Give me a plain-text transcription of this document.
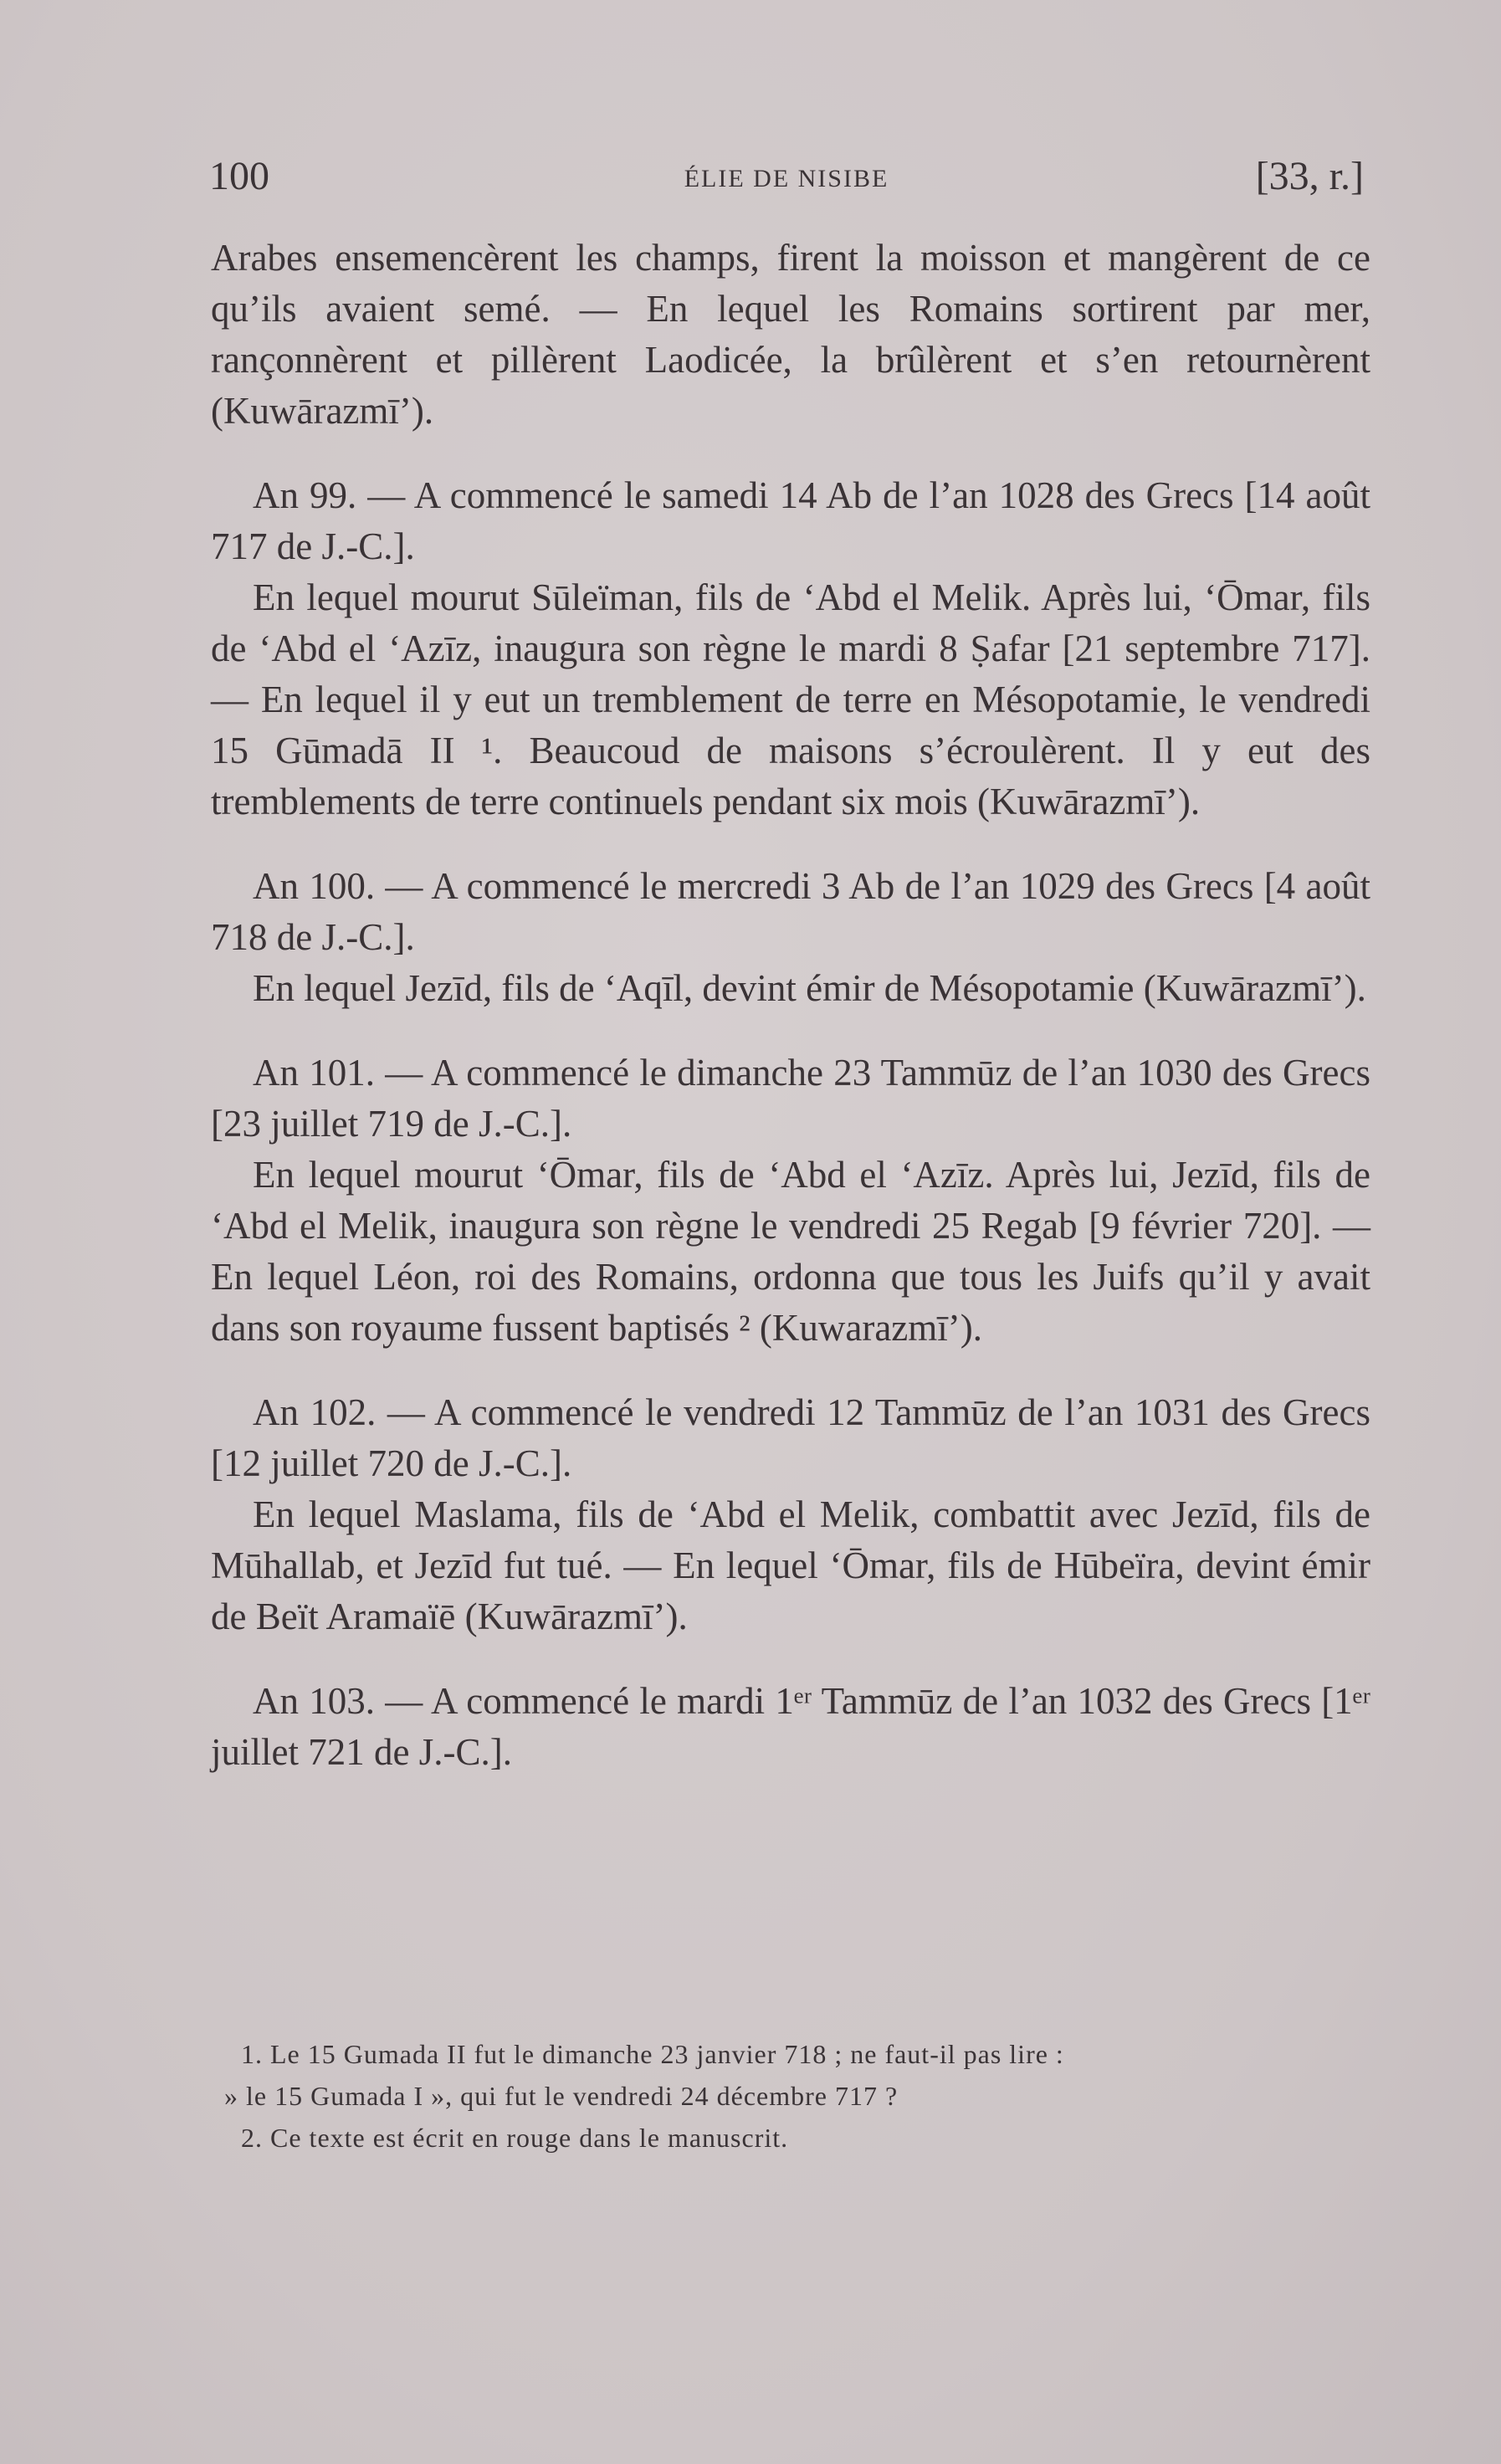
100	ÉLIE DE NISIBE	[33, r.]

Arabes ensemencèrent les champs, firent la moisson et mangèrent de ce qu’ils avaient semé. — En lequel les Romains sortirent par mer, rançonnèrent et pillèrent Laodicée, la brûlèrent et s’en retournèrent (Kuwārazmī’).

An 99. — A commencé le samedi 14 Ab de l’an 1028 des Grecs [14 août 717 de J.-C.].

En lequel mourut Sūleïman, fils de ‘Abd el Melik. Après lui, ‘Ōmar, fils de ‘Abd el ‘Azīz, inaugura son règne le mardi 8 Ṣafar [21 septembre 717]. — En lequel il y eut un tremblement de terre en Mésopotamie, le vendredi 15 Gūmadā II ¹. Beaucoud de maisons s’écroulèrent. Il y eut des tremblements de terre continuels pendant six mois (Kuwārazmī’).

An 100. — A commencé le mercredi 3 Ab de l’an 1029 des Grecs [4 août 718 de J.-C.].

En lequel Jezīd, fils de ‘Aqīl, devint émir de Mésopotamie (Kuwārazmī’).

An 101. — A commencé le dimanche 23 Tammūz de l’an 1030 des Grecs [23 juillet 719 de J.-C.].

En lequel mourut ‘Ōmar, fils de ‘Abd el ‘Azīz. Après lui, Jezīd, fils de ‘Abd el Melik, inaugura son règne le vendredi 25 Regab [9 février 720]. — En lequel Léon, roi des Romains, ordonna que tous les Juifs qu’il y avait dans son royaume fussent baptisés ² (Kuwarazmī’).

An 102. — A commencé le vendredi 12 Tammūz de l’an 1031 des Grecs [12 juillet 720 de J.-C.].

En lequel Maslama, fils de ‘Abd el Melik, combattit avec Jezīd, fils de Mūhallab, et Jezīd fut tué. — En lequel ‘Ōmar, fils de Hūbeïra, devint émir de Beït Aramaïē (Kuwārazmī’).

An 103. — A commencé le mardi 1ᵉʳ Tammūz de l’an 1032 des Grecs [1ᵉʳ juillet 721 de J.-C.].

1. Le 15 Gumada II fut le dimanche 23 janvier 718 ; ne faut-il pas lire :

» le 15 Gumada I », qui fut le vendredi 24 décembre 717 ?

2. Ce texte est écrit en rouge dans le manuscrit.
